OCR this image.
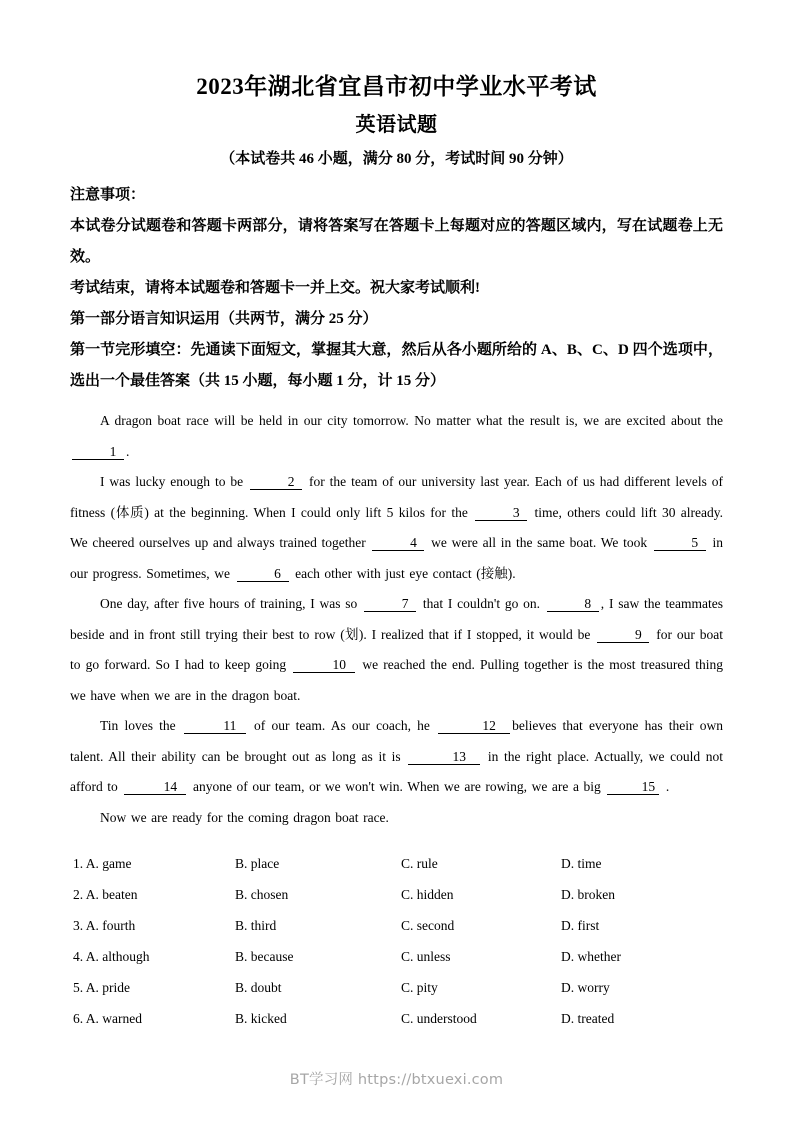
2023年湖北省宜昌市初中学业水平考试
英语试题
（本试卷共 46 小题，满分 80 分，考试时间 90 分钟）
注意事项：
本试卷分试题卷和答题卡两部分，请将答案写在答题卡上每题对应的答题区域内，写在试题卷上无效。
考试结束，请将本试题卷和答题卡一并上交。祝大家考试顺利!
第一部分语言知识运用（共两节，满分 25 分）
第一节完形填空：先通读下面短文，掌握其大意，然后从各小题所给的 A、B、C、D 四个选项中，选出一个最佳答案（共 15 小题，每小题 1 分，计 15 分）

A dragon boat race will be held in our city tomorrow. No matter what the result is, we are excited about the 1 .

I was lucky enough to be	2 for the team of our university last year. Each of us had different levels of fitness (体质) at the beginning. When I could only lift 5 kilos for the	3 time, others could lift 30 already. We cheered ourselves up and always trained together	4 we were all in the same boat. We took	5 in our progress. Sometimes, we	6 each other with just eye contact (接触).

One day, after five hours of training, I was so	7 that I couldn't go on.	8 , I saw the teammates beside and in front still trying their best to row (划). I realized that if I stopped, it would be	9 for our boat to go forward. So I had to keep going	10 we reached the end. Pulling together is the most treasured thing we have when we are in the dragon boat.

Tin loves the	11 of our team. As our coach, he	12 believes that everyone has their own talent. All their ability can be brought out as long as it is	13 in the right place. Actually, we could not afford to	14 anyone of our team, or we won't win. When we are rowing, we are a big	15 .

Now we are ready for the coming dragon boat race.

1. A. game	B. place	C. rule	D. time
2. A. beaten	B. chosen	C. hidden	D. broken
3. A. fourth	B. third	C. second	D. first
4. A. although	B. because	C. unless	D. whether
5. A. pride	B. doubt	C. pity	D. worry
6. A. warned	B. kicked	C. understood	D. treated
BT学习网 https://btxuexi.com
